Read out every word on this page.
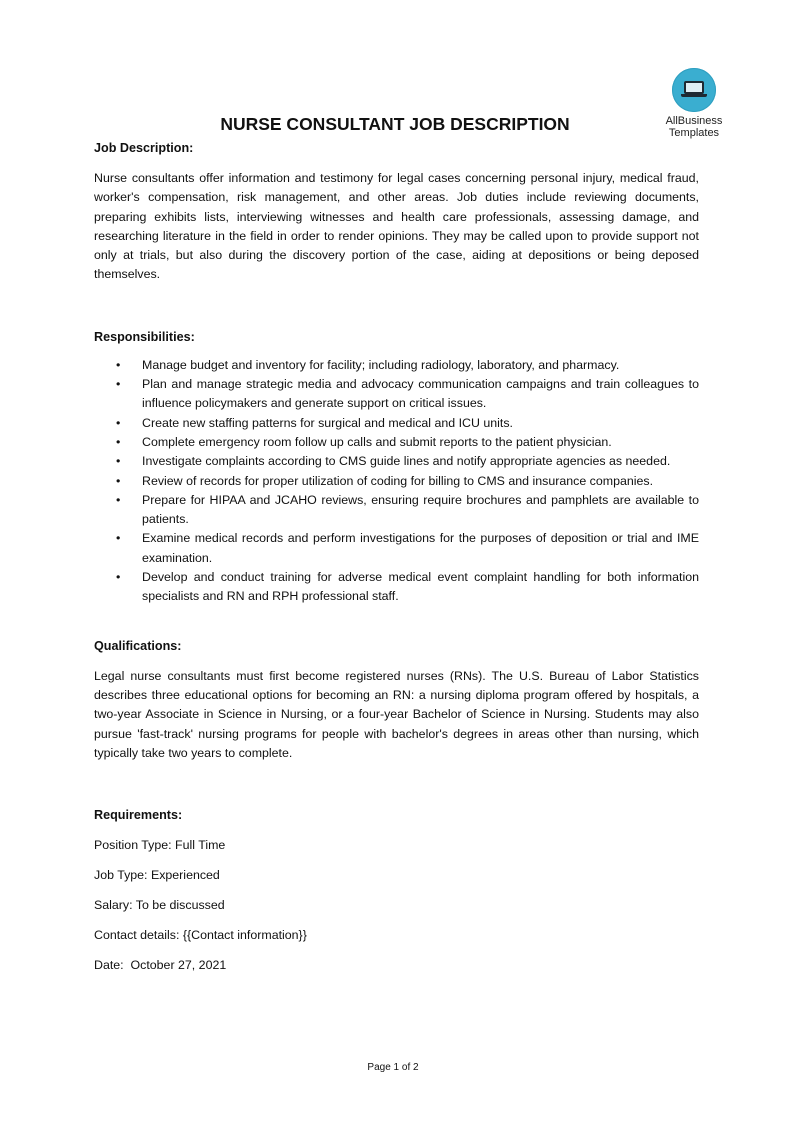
AllBusiness
Templates
NURSE CONSULTANT JOB DESCRIPTION

Job Description:

Nurse consultants offer information and testimony for legal cases concerning personal injury, medical fraud, worker's compensation, risk management, and other areas. Job duties include reviewing documents, preparing exhibits lists, interviewing witnesses and health care professionals, assessing damage, and researching literature in the field in order to render opinions. They may be called upon to provide support not only at trials, but also during the discovery portion of the case, aiding at depositions or being deposed themselves.

Responsibilities:

• Manage budget and inventory for facility; including radiology, laboratory, and pharmacy.
• Plan and manage strategic media and advocacy communication campaigns and train colleagues to influence policymakers and generate support on critical issues.
• Create new staffing patterns for surgical and medical and ICU units.
• Complete emergency room follow up calls and submit reports to the patient physician.
• Investigate complaints according to CMS guide lines and notify appropriate agencies as needed.
• Review of records for proper utilization of coding for billing to CMS and insurance companies.
• Prepare for HIPAA and JCAHO reviews, ensuring require brochures and pamphlets are available to patients.
• Examine medical records and perform investigations for the purposes of deposition or trial and IME examination.
• Develop and conduct training for adverse medical event complaint handling for both information specialists and RN and RPH professional staff.

Qualifications:

Legal nurse consultants must first become registered nurses (RNs). The U.S. Bureau of Labor Statistics describes three educational options for becoming an RN: a nursing diploma program offered by hospitals, a two-year Associate in Science in Nursing, or a four-year Bachelor of Science in Nursing. Students may also pursue 'fast-track' nursing programs for people with bachelor's degrees in areas other than nursing, which typically take two years to complete.

Requirements:

Position Type: Full Time

Job Type: Experienced

Salary: To be discussed

Contact details: {{Contact information}}

Date:  October 27, 2021

Page 1 of 2
